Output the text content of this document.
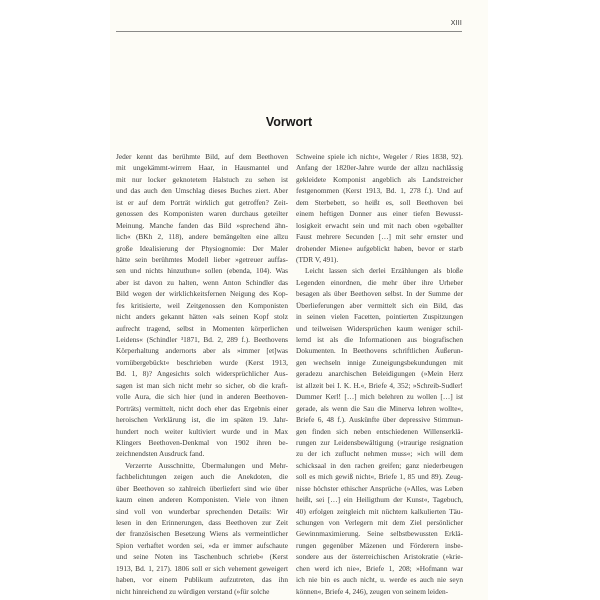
XIII
Vorwort
Jeder kennt das berühmte Bild, auf dem Beethoven
mit ungekämmt-wirrem Haar, in Hausmantel und
mit nur locker geknotetem Halstuch zu sehen ist
und das auch den Umschlag dieses Buches ziert. Aber
ist er auf dem Porträt wirklich gut getroffen? Zeit-
genossen des Komponisten waren durchaus geteilter
Meinung. Manche fanden das Bild »sprechend ähn-
lich« (BKh 2, 118), andere bemängelten eine allzu
große Idealisierung der Physiognomie: Der Maler
hätte sein berühmtes Modell lieber »getreuer auffas-
sen und nichts hinzuthun« sollen (ebenda, 104). Was
aber ist davon zu halten, wenn Anton Schindler das
Bild wegen der wirklichkeitsfernen Neigung des Kop-
fes kritisierte, weil Zeitgenossen den Komponisten
nicht anders gekannt hätten »als seinen Kopf stolz
aufrecht tragend, selbst in Momenten körperlichen
Leidens« (Schindler ³1871, Bd. 2, 289 f.). Beethovens
Körperhaltung andernorts aber als »immer [et]was
vornübergebückt« beschrieben wurde (Kerst 1913,
Bd. 1, 8)? Angesichts solch widersprüchlicher Aus-
sagen ist man sich nicht mehr so sicher, ob die kraft-
volle Aura, die sich hier (und in anderen Beethoven-
Porträts) vermittelt, nicht doch eher das Ergebnis einer
heroischen Verklärung ist, die im späten 19. Jahr-
hundert noch weiter kultiviert wurde und in Max
Klingers Beethoven-Denkmal von 1902 ihren be-
zeichnendsten Ausdruck fand.
Verzerrte Ausschnitte, Übermalungen und Mehr-
fachbelichtungen zeigen auch die Anekdoten, die
über Beethoven so zahlreich überliefert sind wie über
kaum einen anderen Komponisten. Viele von ihnen
sind voll von wunderbar sprechenden Details: Wir
lesen in den Erinnerungen, dass Beethoven zur Zeit
der französischen Besetzung Wiens als vermeintlicher
Spion verhaftet worden sei, »da er immer aufschaute
und seine Noten ins Taschenbuch schrieb« (Kerst
1913, Bd. 1, 217). 1806 soll er sich vehement geweigert
haben, vor einem Publikum aufzutreten, das ihn
nicht hinreichend zu würdigen verstand (»für solche
Schweine spiele ich nicht«, Wegeler / Ries 1838, 92).
Anfang der 1820er-Jahre wurde der allzu nachlässig
gekleidete Komponist angeblich als Landstreicher
festgenommen (Kerst 1913, Bd. 1, 278 f.). Und auf
dem Sterbebett, so heißt es, soll Beethoven bei
einem heftigen Donner aus einer tiefen Bewusst-
losigkeit erwacht sein und mit nach oben »geballter
Faust mehrere Secunden […] mit sehr ernster und
drohender Miene« aufgeblickt haben, bevor er starb
(TDR V, 491).
Leicht lassen sich derlei Erzählungen als bloße
Legenden einordnen, die mehr über ihre Urheber
besagen als über Beethoven selbst. In der Summe der
Überlieferungen aber vermittelt sich ein Bild, das
in seinen vielen Facetten, pointierten Zuspitzungen
und teilweisen Widersprüchen kaum weniger schil-
lernd ist als die Informationen aus biografischen
Dokumenten. In Beethovens schriftlichen Äußerun-
gen wechseln innige Zuneigungsbekundungen mit
geradezu anarchischen Beleidigungen (»Mein Herz
ist allzeit bei I. K. H.«, Briefe 4, 352; »Schreib-Sudler!
Dummer Kerl! […] mich belehren zu wollen […] ist
gerade, als wenn die Sau die Minerva lehren wollte«,
Briefe 6, 48 f.). Auskünfte über depressive Stimmun-
gen finden sich neben entschiedenen Willenserklä-
rungen zur Leidensbewältigung (»traurige resignation
zu der ich zuflucht nehmen muss«; »ich will dem
schicksaal in den rachen greifen; ganz niederbeugen
soll es mich gewiß nicht«, Briefe 1, 85 und 89). Zeug-
nisse höchster ethischer Ansprüche (»Alles, was Leben
heißt, sei […] ein Heiligthum der Kunst«, Tagebuch,
40) erfolgen zeitgleich mit nüchtern kalkulierten Täu-
schungen von Verlegern mit dem Ziel persönlicher
Gewinnmaximierung. Seine selbstbewussten Erklä-
rungen gegenüber Mäzenen und Förderern insbe-
sondere aus der österreichischen Aristokratie (»krie-
chen werd ich nie«, Briefe 1, 208; »Hofmann war
ich nie bin es auch nicht, u. werde es auch nie seyn
können«, Briefe 4, 246), zeugen von seinem leiden-
